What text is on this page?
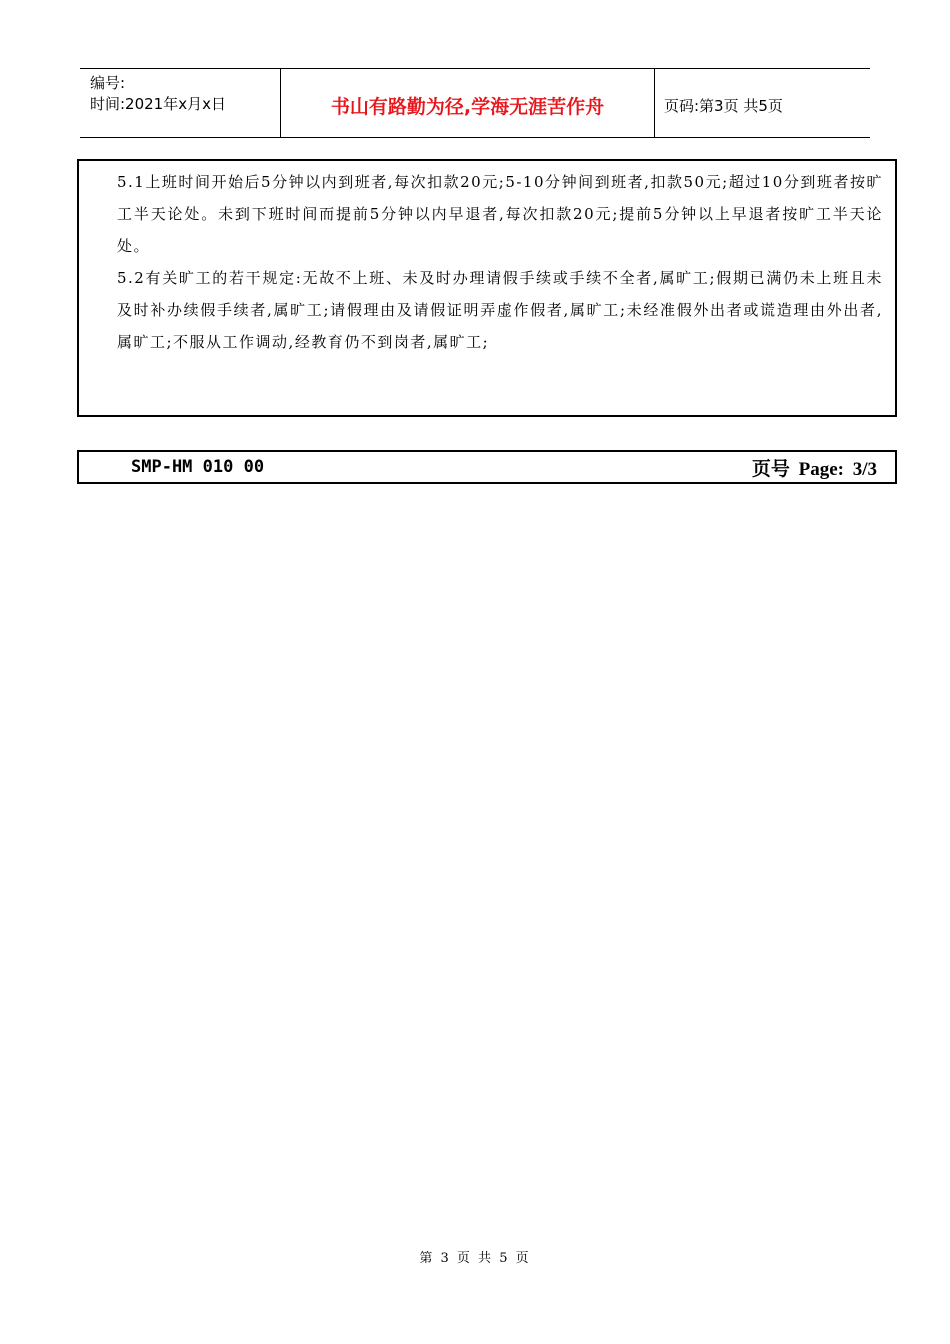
编号:
时间:2021年x月x日	书山有路勤为径,学海无涯苦作舟	页码:第3页 共5页

5.1上班时间开始后5分钟以内到班者,每次扣款20元;5-10分钟间到班者,扣款50元;超过10分到班者按旷工半天论处。未到下班时间而提前5分钟以内早退者,每次扣款20元;提前5分钟以上早退者按旷工半天论处。

5.2有关旷工的若干规定:无故不上班、未及时办理请假手续或手续不全者,属旷工;假期已满仍未上班且未及时补办续假手续者,属旷工;请假理由及请假证明弄虚作假者,属旷工;未经准假外出者或谎造理由外出者,属旷工;不服从工作调动,经教育仍不到岗者,属旷工;

SMP-HM 010 00	页号 Page: 3/3
第 3 页 共 5 页
